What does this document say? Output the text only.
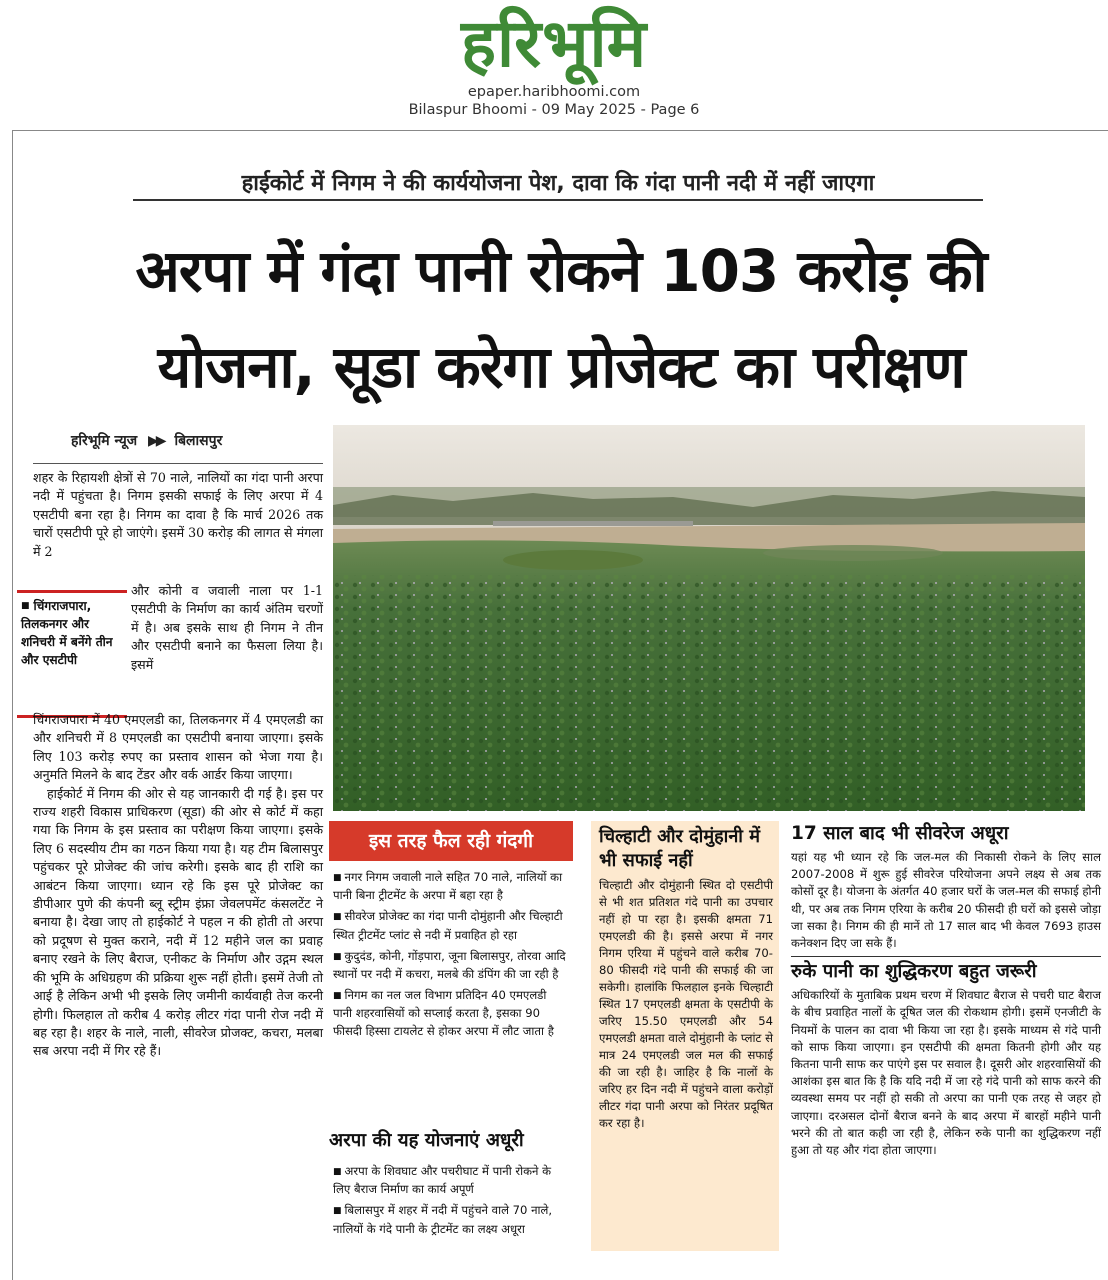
हरिभूमि
epaper.haribhoomi.com
Bilaspur Bhoomi - 09 May 2025 - Page 6
हाईकोर्ट में निगम ने की कार्ययोजना पेश, दावा कि गंदा पानी नदी में नहीं जाएगा
अरपा में गंदा पानी रोकने 103 करोड़ की
योजना, सूडा करेगा प्रोजेक्ट का परीक्षण
हरिभूमि न्यूज ▶▶ बिलासपुर
शहर के रिहायशी क्षेत्रों से 70 नाले, नालियों का गंदा पानी अरपा नदी में पहुंचता है। निगम इसकी सफाई के लिए अरपा में 4 एसटीपी बना रहा है। निगम का दावा है कि मार्च 2026 तक चारों एसटीपी पूरे हो जाएंगे। इसमें 30 करोड़ की लागत से मंगला में 2
■ चिंगराजपारा, तिलकनगर और शनिचरी में बनेंगे तीन और एसटीपी
और कोनी व जवाली नाला पर 1-1 एसटीपी के निर्माण का कार्य अंतिम चरणों में है। अब इसके साथ ही निगम ने तीन और एसटीपी बनाने का फैसला लिया है। इसमें

चिंगराजपारा में 40 एमएलडी का, तिलकनगर में 4 एमएलडी का और शनिचरी में 8 एमएलडी का एसटीपी बनाया जाएगा। इसके लिए 103 करोड़ रुपए का प्रस्ताव शासन को भेजा गया है। अनुमति मिलने के बाद टेंडर और वर्क आर्डर किया जाएगा।

हाईकोर्ट में निगम की ओर से यह जानकारी दी गई है। इस पर राज्य शहरी विकास प्राधिकरण (सूडा) की ओर से कोर्ट में कहा गया कि निगम के इस प्रस्ताव का परीक्षण किया जाएगा। इसके लिए 6 सदस्यीय टीम का गठन किया गया है। यह टीम बिलासपुर पहुंचकर पूरे प्रोजेक्ट की जांच करेगी। इसके बाद ही राशि का आबंटन किया जाएगा। ध्यान रहे कि इस पूरे प्रोजेक्ट का डीपीआर पुणे की कंपनी ब्लू स्ट्रीम इंफ्रा जेवलपमेंट कंसलटेंट ने बनाया है। देखा जाए तो हाईकोर्ट ने पहल न की होती तो अरपा को प्रदूषण से मुक्त कराने, नदी में 12 महीने जल का प्रवाह बनाए रखने के लिए बैराज, एनीकट के निर्माण और उद्गम स्थल की भूमि के अधिग्रहण की प्रक्रिया शुरू नहीं होती। इसमें तेजी तो आई है लेकिन अभी भी इसके लिए जमीनी कार्यवाही तेज करनी होगी। फिलहाल तो करीब 4 करोड़ लीटर गंदा पानी रोज नदी में बह रहा है। शहर के नाले, नाली, सीवरेज प्रोजक्ट, कचरा, मलबा सब अरपा नदी में गिर रहे हैं।

इस तरह फैल रही गंदगी
■ नगर निगम जवाली नाले सहित 70 नाले, नालियों का पानी बिना ट्रीटमेंट के अरपा में बहा रहा है
■ सीवरेज प्रोजेक्ट का गंदा पानी दोमुंहानी और चिल्हाटी स्थित ट्रीटमेंट प्लांट से नदी में प्रवाहित हो रहा
■ कुदुदंड, कोनी, गोंड़पारा, जूना बिलासपुर, तोरवा आदि स्थानों पर नदी में कचरा, मलबे की डंपिंग की जा रही है
■ निगम का नल जल विभाग प्रतिदिन 40 एमएलडी पानी शहरवासियों को सप्लाई करता है, इसका 90 फीसदी हिस्सा टायलेट से होकर अरपा में लौट जाता है
अरपा की यह योजनाएं अधूरी
■ अरपा के शिवघाट और पचरीघाट में पानी रोकने के लिए बैराज निर्माण का कार्य अपूर्ण
■ बिलासपुर में शहर में नदी में पहुंचने वाले 70 नाले, नालियों के गंदे पानी के ट्रीटमेंट का लक्ष्य अधूरा
चिल्हाटी और दोमुंहानी में भी सफाई नहीं
चिल्हाटी और दोमुंहानी स्थित दो एसटीपी से भी शत प्रतिशत गंदे पानी का उपचार नहीं हो पा रहा है। इसकी क्षमता 71 एमएलडी की है। इससे अरपा में नगर निगम एरिया में पहुंचने वाले करीब 70-80 फीसदी गंदे पानी की सफाई की जा सकेगी। हालांकि फिलहाल इनके चिल्हाटी स्थित 17 एमएलडी क्षमता के एसटीपी के जरिए 15.50 एमएलडी और 54 एमएलडी क्षमता वाले दोमुंहानी के प्लांट से मात्र 24 एमएलडी जल मल की सफाई की जा रही है। जाहिर है कि नालों के जरिए हर दिन नदी में पहुंचने वाला करोड़ों लीटर गंदा पानी अरपा को निरंतर प्रदूषित कर रहा है।
17 साल बाद भी सीवरेज अधूरा
यहां यह भी ध्यान रहे कि जल-मल की निकासी रोकने के लिए साल 2007-2008 में शुरू हुई सीवरेज परियोजना अपने लक्ष्य से अब तक कोसों दूर है। योजना के अंतर्गत 40 हजार घरों के जल-मल की सफाई होनी थी, पर अब तक निगम एरिया के करीब 20 फीसदी ही घरों को इससे जोड़ा जा सका है। निगम की ही मानें तो 17 साल बाद भी केवल 7693 हाउस कनेक्शन दिए जा सके हैं।
रुके पानी का शुद्धिकरण बहुत जरूरी
अधिकारियों के मुताबिक प्रथम चरण में शिवघाट बैराज से पचरी घाट बैराज के बीच प्रवाहित नालों के दूषित जल की रोकथाम होगी। इसमें एनजीटी के नियमों के पालन का दावा भी किया जा रहा है। इसके माध्यम से गंदे पानी को साफ किया जाएगा। इन एसटीपी की क्षमता कितनी होगी और यह कितना पानी साफ कर पाएंगे इस पर सवाल है। दूसरी ओर शहरवासियों की आशंका इस बात कि है कि यदि नदी में जा रहे गंदे पानी को साफ करने की व्यवस्था समय पर नहीं हो सकी तो अरपा का पानी एक तरह से जहर हो जाएगा। दरअसल दोनों बैराज बनने के बाद अरपा में बारहों महीने पानी भरने की तो बात कही जा रही है, लेकिन रुके पानी का शुद्धिकरण नहीं हुआ तो यह और गंदा होता जाएगा।
